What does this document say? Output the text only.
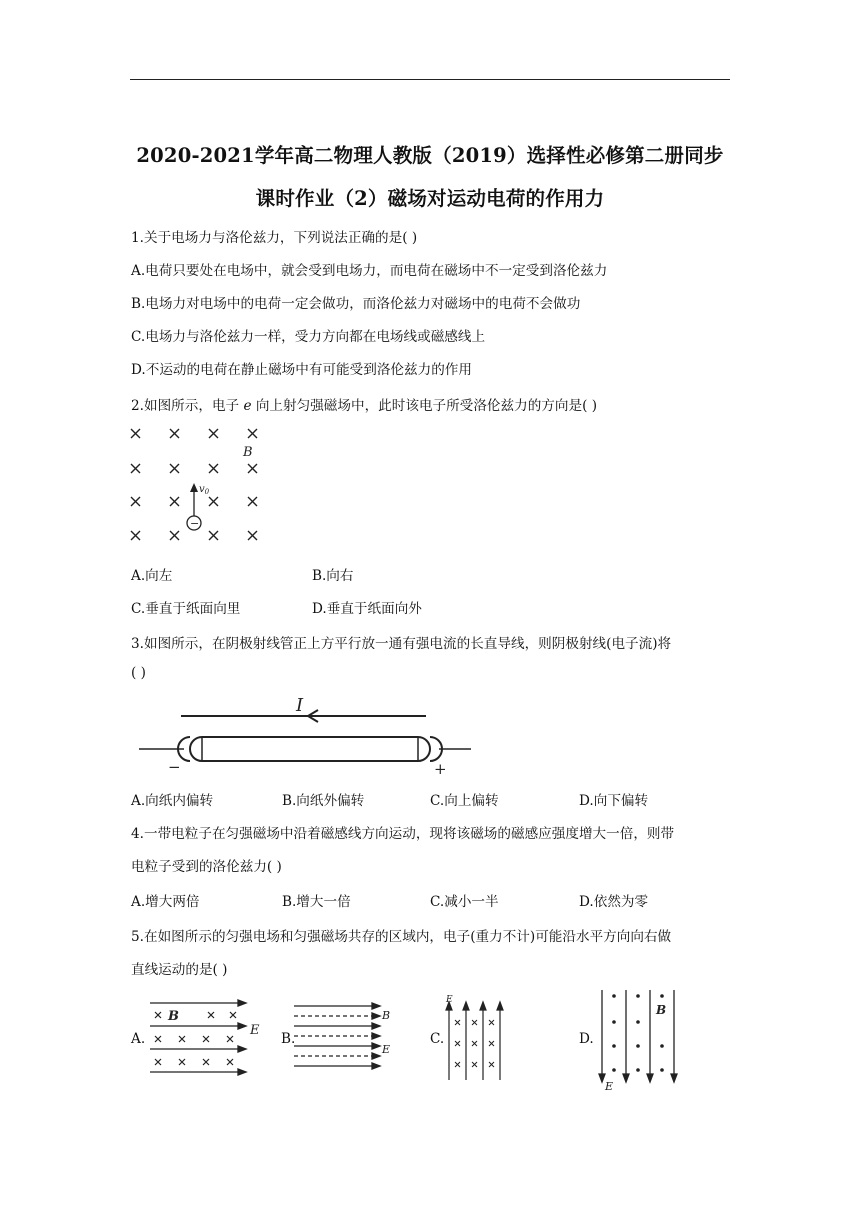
2020-2021学年高二物理人教版（2019）选择性必修第二册同步
课时作业（2）磁场对运动电荷的作用力
1.关于电场力与洛伦兹力，下列说法正确的是( )
A.电荷只要处在电场中，就会受到电场力，而电荷在磁场中不一定受到洛伦兹力
B.电场力对电场中的电荷一定会做功，而洛伦兹力对磁场中的电荷不会做功
C.电场力与洛伦兹力一样，受力方向都在电场线或磁感线上
D.不运动的电荷在静止磁场中有可能受到洛伦兹力的作用
2.如图所示，电子 e 向上射匀强磁场中，此时该电子所受洛伦兹力的方向是( )
B
$v_0$
−
A.向左	B.向右
C.垂直于纸面向里	D.垂直于纸面向外
3.如图所示，在阴极射线管正上方平行放一通有强电流的长直导线，则阴极射线(电子流)将
( )
I
−	+
A.向纸内偏转	B.向纸外偏转	C.向上偏转	D.向下偏转
4.一带电粒子在匀强磁场中沿着磁感线方向运动，现将该磁场的磁感应强度增大一倍，则带
电粒子受到的洛伦兹力( )
A.增大两倍	B.增大一倍	C.减小一半	D.依然为零
5.在如图所示的匀强电场和匀强磁场共存的区域内，电子(重力不计)可能沿水平方向向右做
直线运动的是( )
A.
B
E
B.
B
E
C.
E
D.
B
E
